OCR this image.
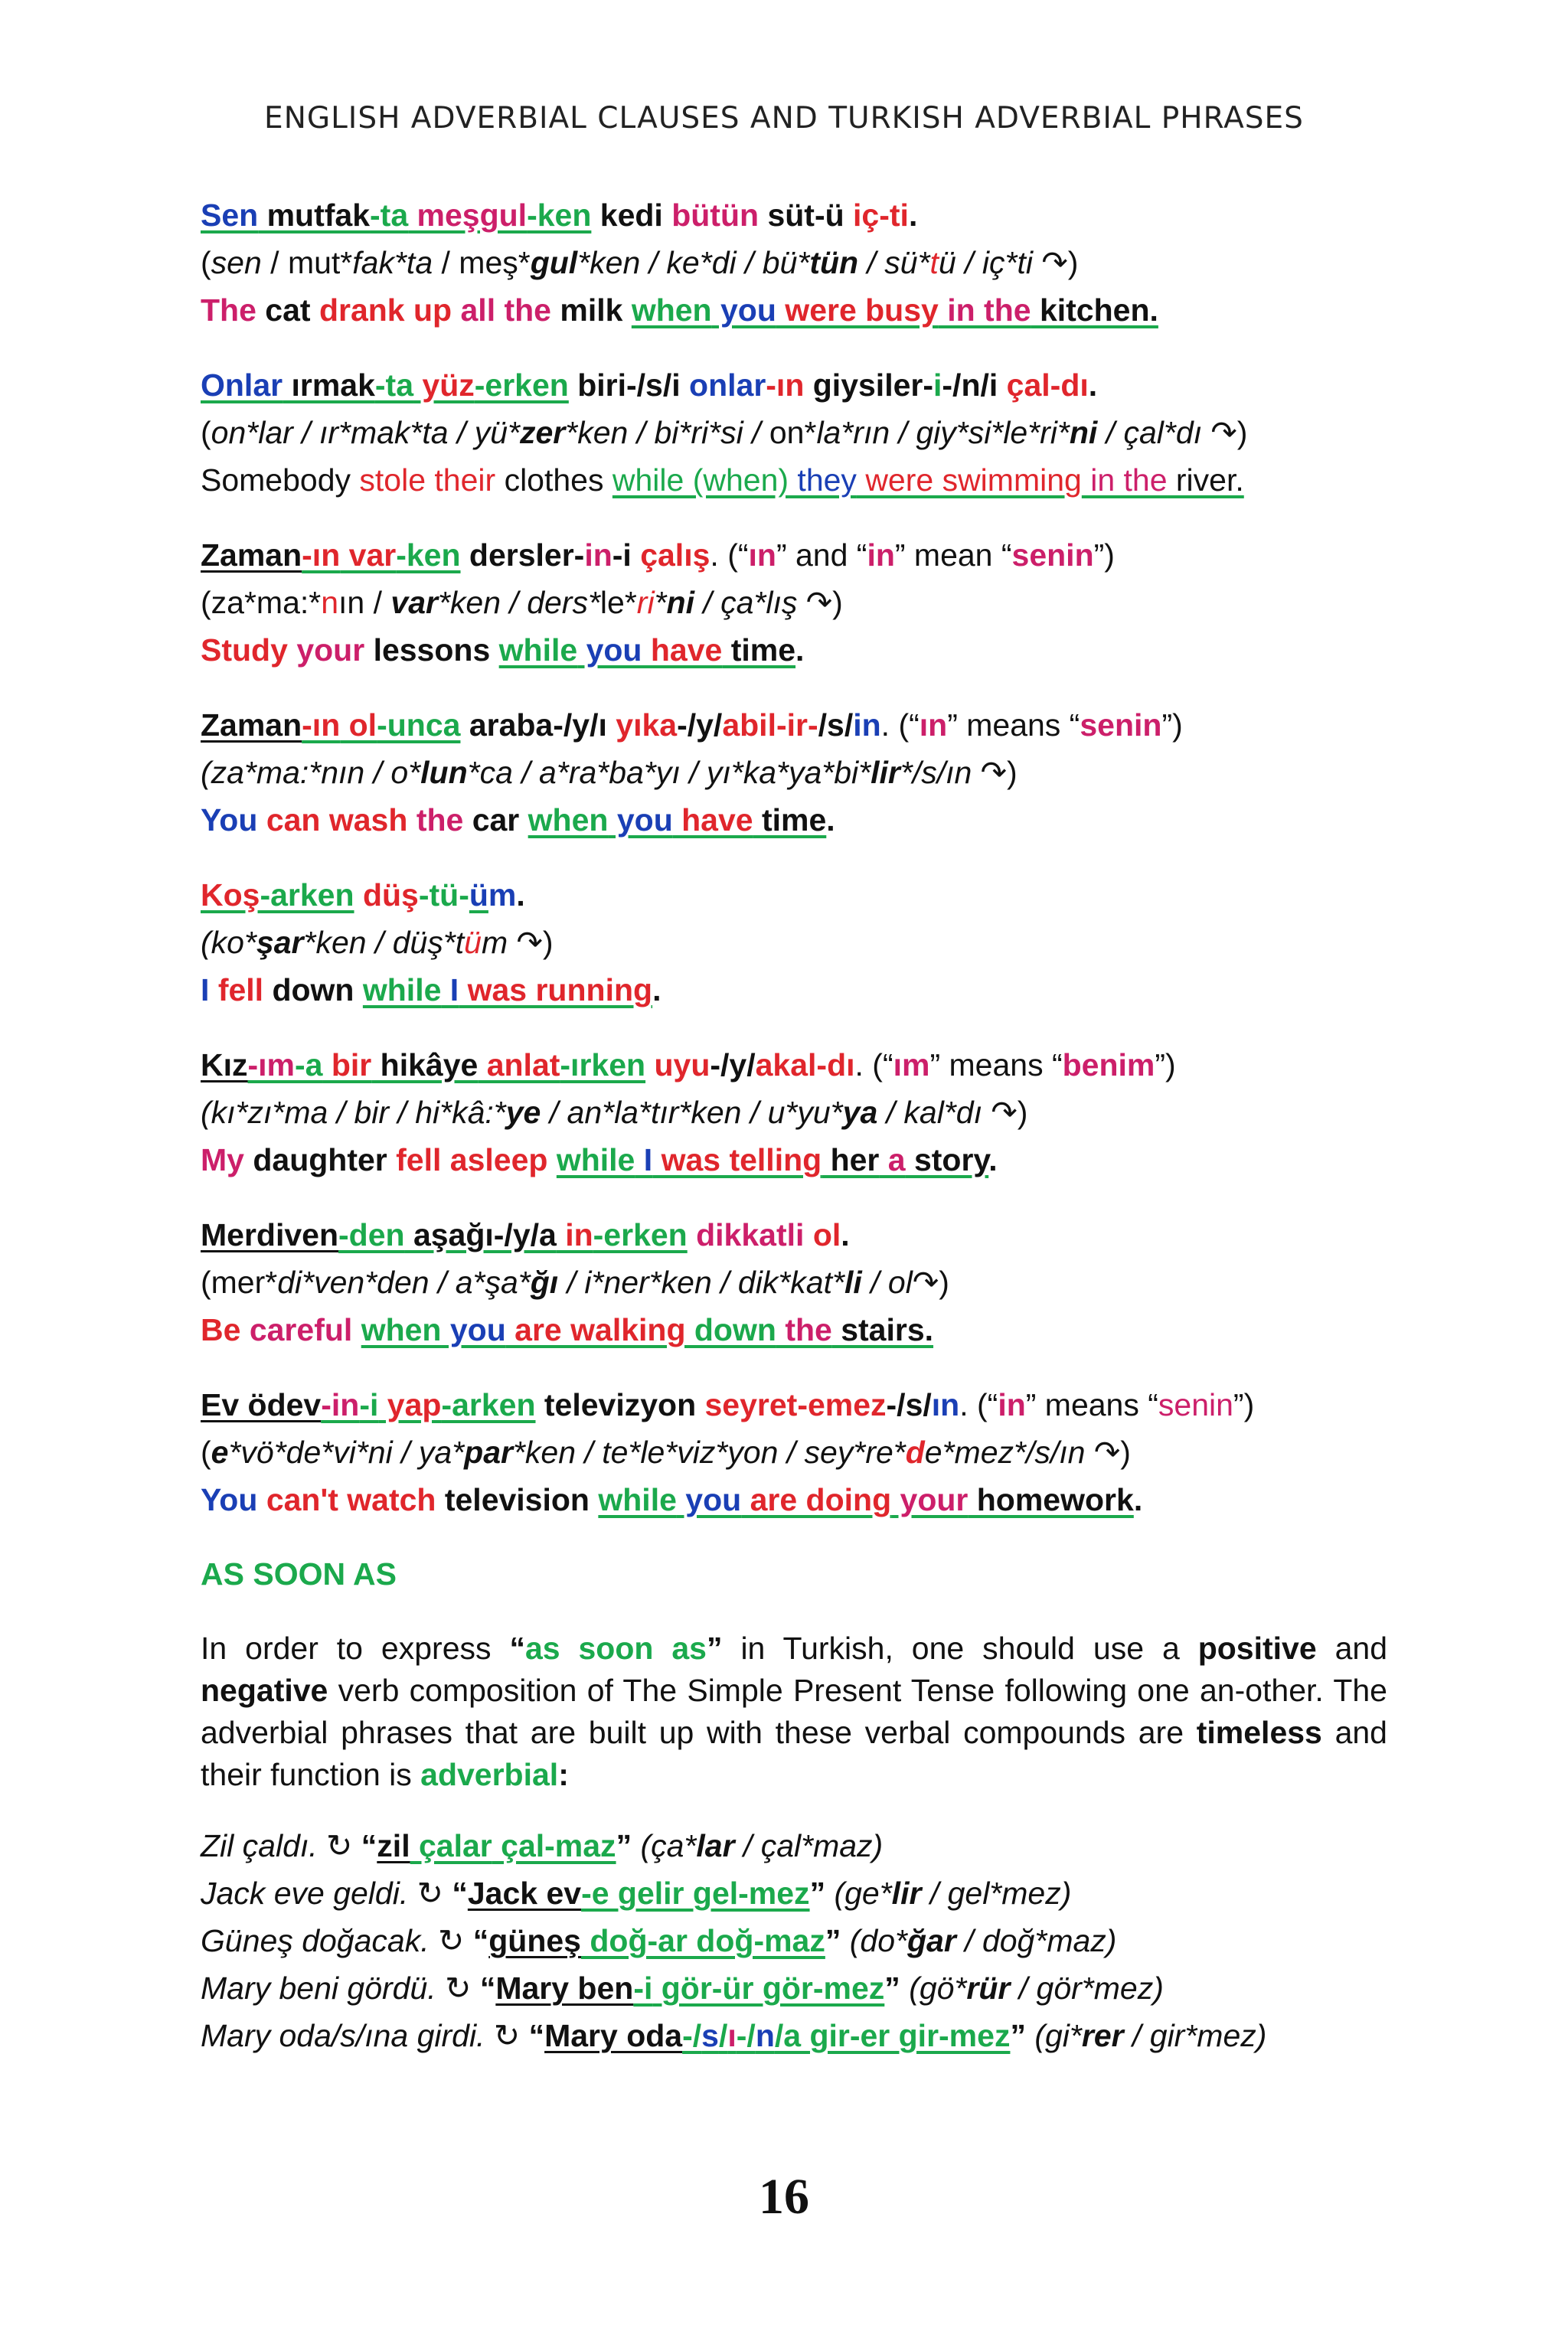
ENGLISH ADVERBIAL CLAUSES AND TURKISH ADVERBIAL PHRASES
Sen mutfak-ta meşgul-ken kedi bütün süt-ü iç-ti.
(sen / mut*fak*ta / meş*gul*ken / ke*di / bü*tün / sü*tü / iç*ti ↷)
The cat drank up all the milk when you were busy in the kitchen.
Onlar ırmak-ta yüz-erken biri-/s/i onlar-ın giysiler-i-/n/i çal-dı.
(on*lar / ır*mak*ta / yü*zer*ken / bi*ri*si / on*la*rın / giy*si*le*ri*ni / çal*dı ↷)
Somebody stole their clothes while (when) they were swimming in the river.
Zaman-ın var-ken dersler-in-i çalış. (“ın” and “in” mean “senin”)
(za*ma:*nın / var*ken / ders*le*ri*ni / ça*lış ↷)
Study your lessons while you have time.
Zaman-ın ol-unca araba-/y/ı yıka-/y/abil-ir-/s/in. (“ın” means “senin”)
(za*ma:*nın / o*lun*ca / a*ra*ba*yı / yı*ka*ya*bi*lir*/s/ın ↷)
You can wash the car when you have time.
Koş-arken düş-tü-üm.
(ko*şar*ken / düş*tüm ↷)
I fell down while I was running.
Kız-ım-a bir hikâye anlat-ırken uyu-/y/akal-dı. (“ım” means “benim”)
(kı*zı*ma / bir / hi*kâ:*ye / an*la*tır*ken / u*yu*ya / kal*dı ↷)
My daughter fell asleep while I was telling her a story.
Merdiven-den aşağı-/y/a in-erken dikkatli ol.
(mer*di*ven*den / a*şa*ğı / i*ner*ken / dik*kat*li / ol↷)
Be careful when you are walking down the stairs.
Ev ödev-in-i yap-arken televizyon seyret-emez-/s/ın. (“in” means “senin”)
(e*vö*de*vi*ni / ya*par*ken / te*le*viz*yon / sey*re*de*mez*/s/ın ↷)
You can't watch television while you are doing your homework.
AS SOON AS
In order to express “as soon as” in Turkish, one should use a positive and negative verb composition of The Simple Present Tense following one an-other. The adverbial phrases that are built up with these verbal compounds are timeless and their function is adverbial:
Zil çaldı. ↻ “zil çalar çal-maz” (ça*lar / çal*maz)
Jack eve geldi. ↻ “Jack ev-e gelir gel-mez” (ge*lir / gel*mez)
Güneş doğacak. ↻ “güneş doğ-ar doğ-maz” (do*ğar / doğ*maz)
Mary beni gördü. ↻ “Mary ben-i gör-ür gör-mez” (gö*rür / gör*mez)
Mary oda/s/ına girdi. ↻ “Mary oda-/s/ı-/n/a gir-er gir-mez” (gi*rer / gir*mez)
16
